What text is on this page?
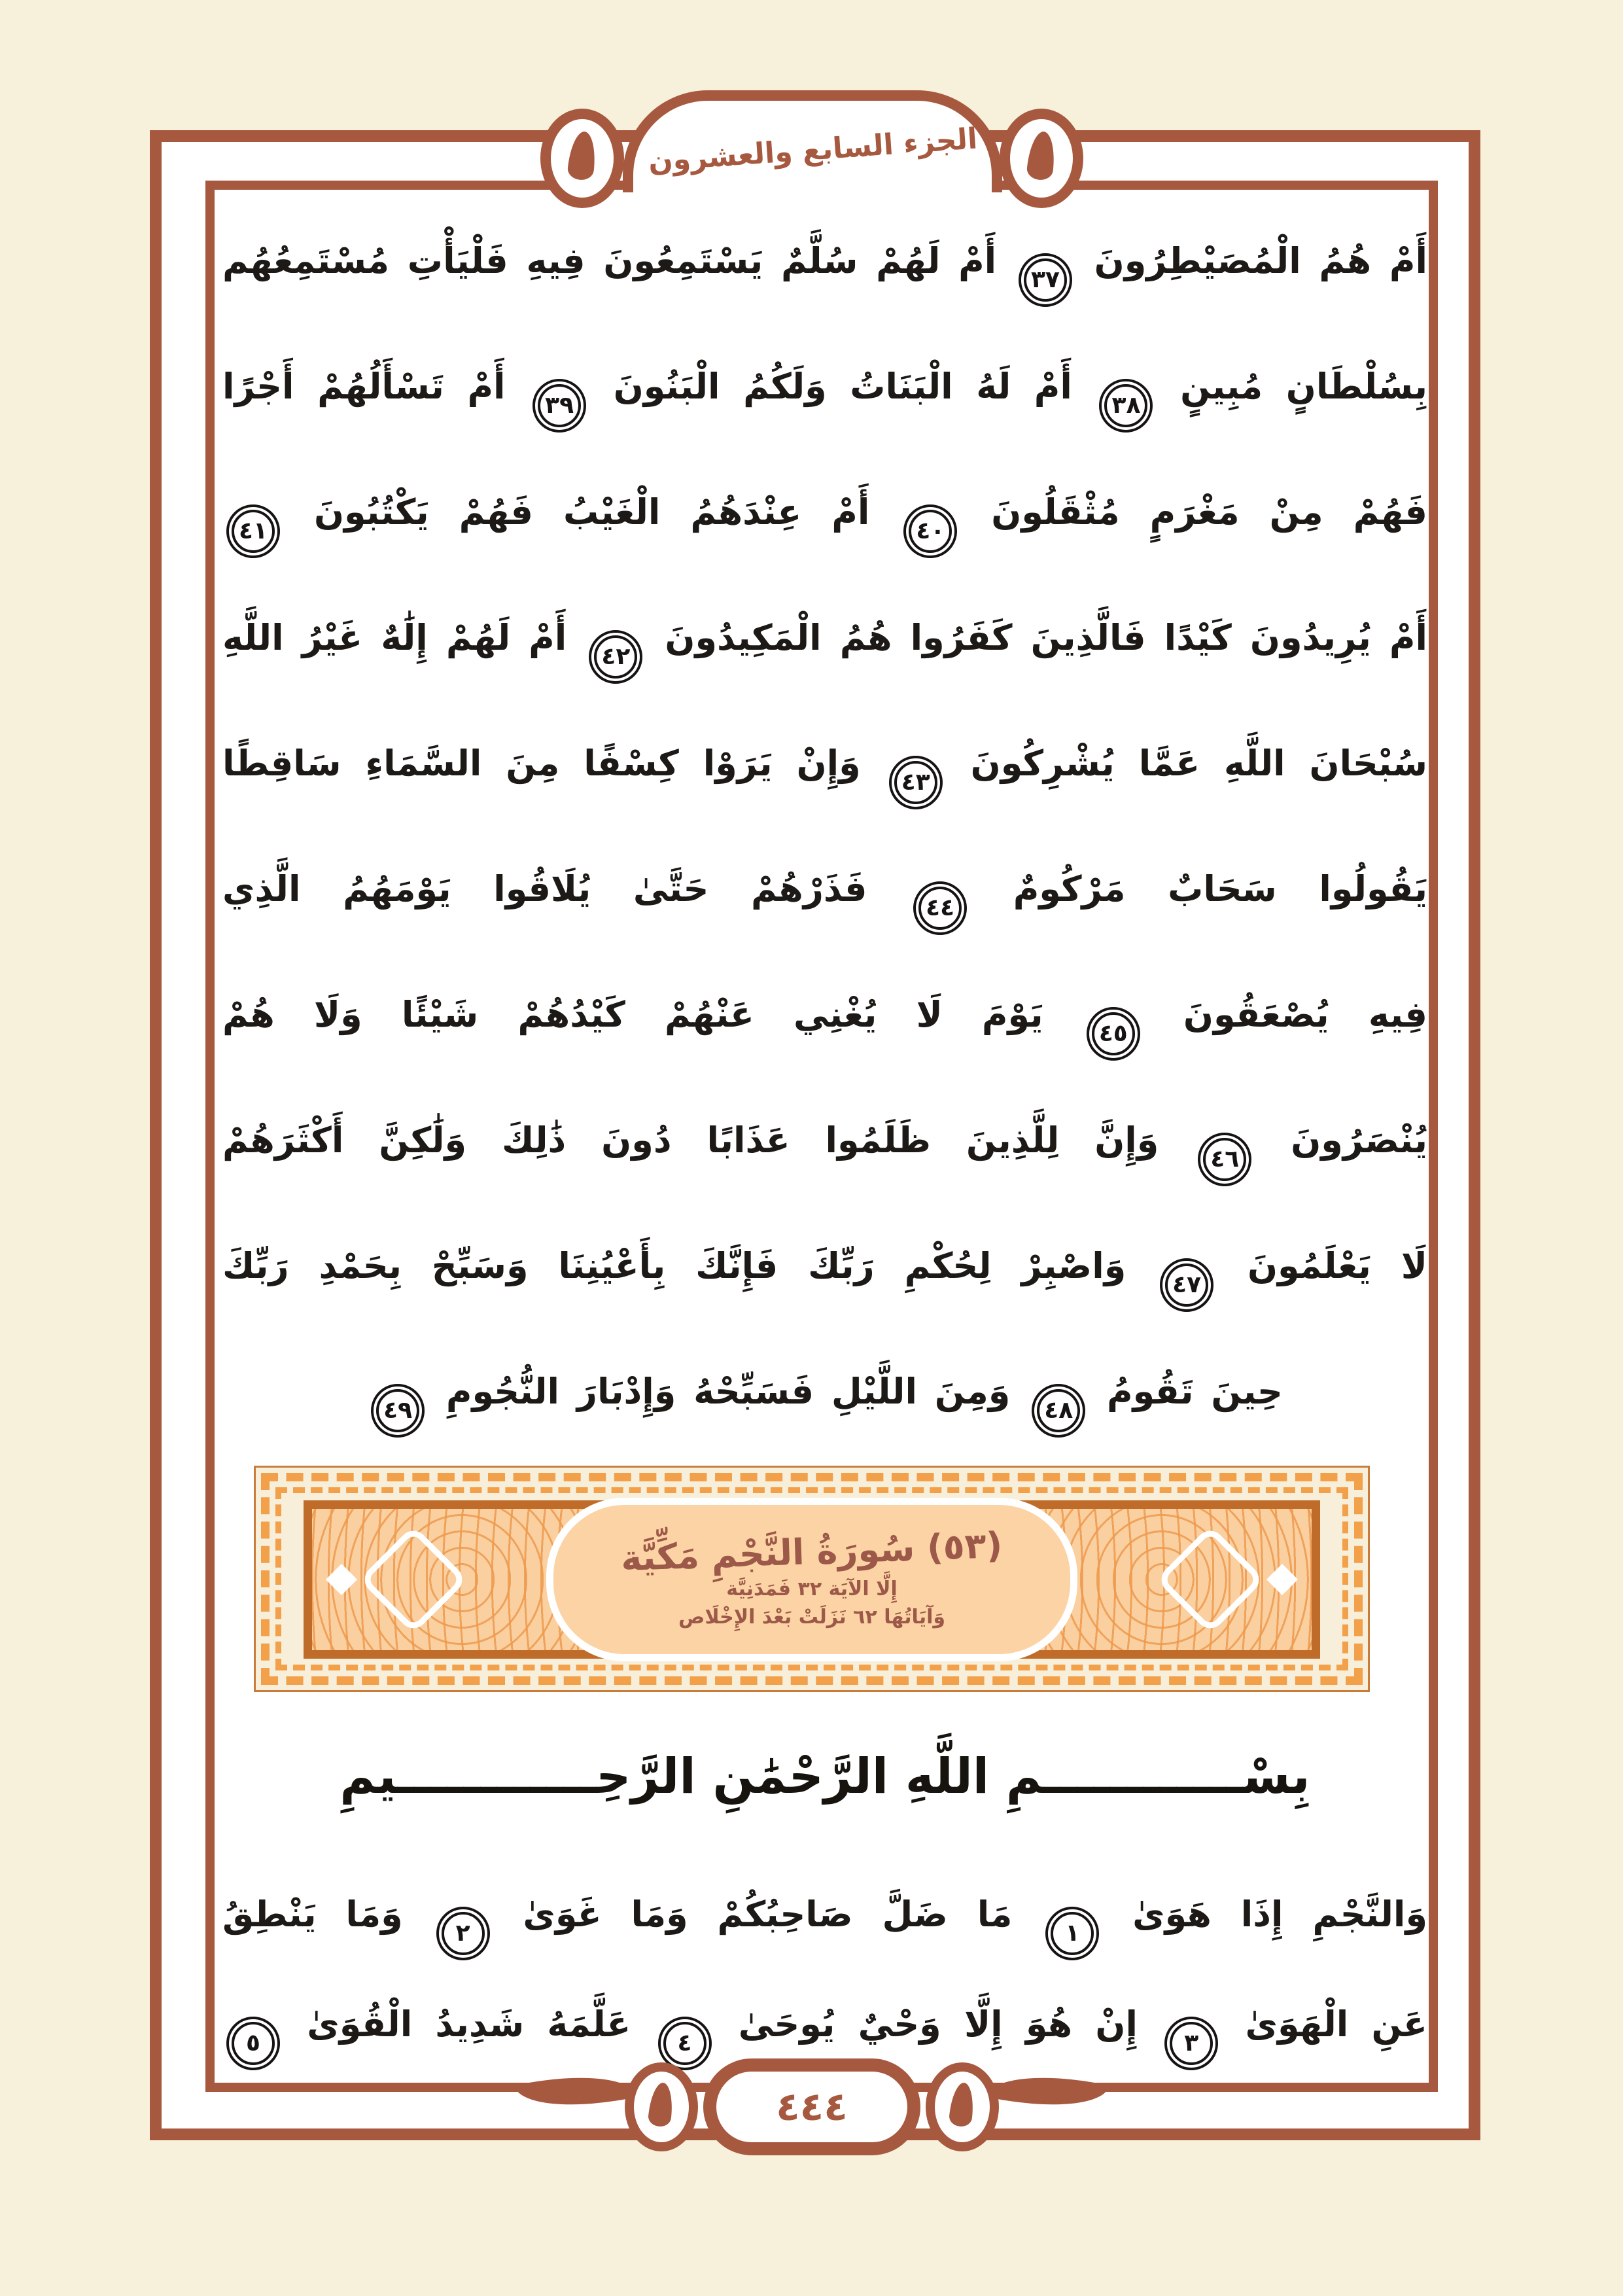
الجزء السابع والعشرون
أَمْ هُمُ الْمُصَيْطِرُونَ ٣٧ أَمْ لَهُمْ سُلَّمٌ يَسْتَمِعُونَ فِيهِ فَلْيَأْتِ مُسْتَمِعُهُم
بِسُلْطَانٍ مُبِينٍ ٣٨ أَمْ لَهُ الْبَنَاتُ وَلَكُمُ الْبَنُونَ ٣٩ أَمْ تَسْأَلُهُمْ أَجْرًا
فَهُمْ مِنْ مَغْرَمٍ مُثْقَلُونَ ٤٠ أَمْ عِنْدَهُمُ الْغَيْبُ فَهُمْ يَكْتُبُونَ ٤١
أَمْ يُرِيدُونَ كَيْدًا فَالَّذِينَ كَفَرُوا هُمُ الْمَكِيدُونَ ٤٢ أَمْ لَهُمْ إِلَٰهٌ غَيْرُ اللَّهِ
سُبْحَانَ اللَّهِ عَمَّا يُشْرِكُونَ ٤٣ وَإِنْ يَرَوْا كِسْفًا مِنَ السَّمَاءِ سَاقِطًا
يَقُولُوا سَحَابٌ مَرْكُومٌ ٤٤ فَذَرْهُمْ حَتَّىٰ يُلَاقُوا يَوْمَهُمُ الَّذِي
فِيهِ يُصْعَقُونَ ٤٥ يَوْمَ لَا يُغْنِي عَنْهُمْ كَيْدُهُمْ شَيْئًا وَلَا هُمْ
يُنْصَرُونَ ٤٦ وَإِنَّ لِلَّذِينَ ظَلَمُوا عَذَابًا دُونَ ذَٰلِكَ وَلَٰكِنَّ أَكْثَرَهُمْ
لَا يَعْلَمُونَ ٤٧ وَاصْبِرْ لِحُكْمِ رَبِّكَ فَإِنَّكَ بِأَعْيُنِنَا وَسَبِّحْ بِحَمْدِ رَبِّكَ
حِينَ تَقُومُ ٤٨ وَمِنَ اللَّيْلِ فَسَبِّحْهُ وَإِدْبَارَ النُّجُومِ ٤٩
(٥٣) سُورَةُ النَّجْمِ مَكِّيَّة
إِلَّا الآيَة ٣٢ فَمَدَنِيَّة
وَآيَاتُهَا ٦٢ نَزَلَتْ بَعْدَ الإِخْلَاص
بِسْــــــــــــمِ اللَّهِ الرَّحْمَٰنِ الرَّحِــــــــــــيمِ
وَالنَّجْمِ إِذَا هَوَىٰ ١ مَا ضَلَّ صَاحِبُكُمْ وَمَا غَوَىٰ ٢ وَمَا يَنْطِقُ
عَنِ الْهَوَىٰ ٣ إِنْ هُوَ إِلَّا وَحْيٌ يُوحَىٰ ٤ عَلَّمَهُ شَدِيدُ الْقُوَىٰ ٥
٤٤٤
